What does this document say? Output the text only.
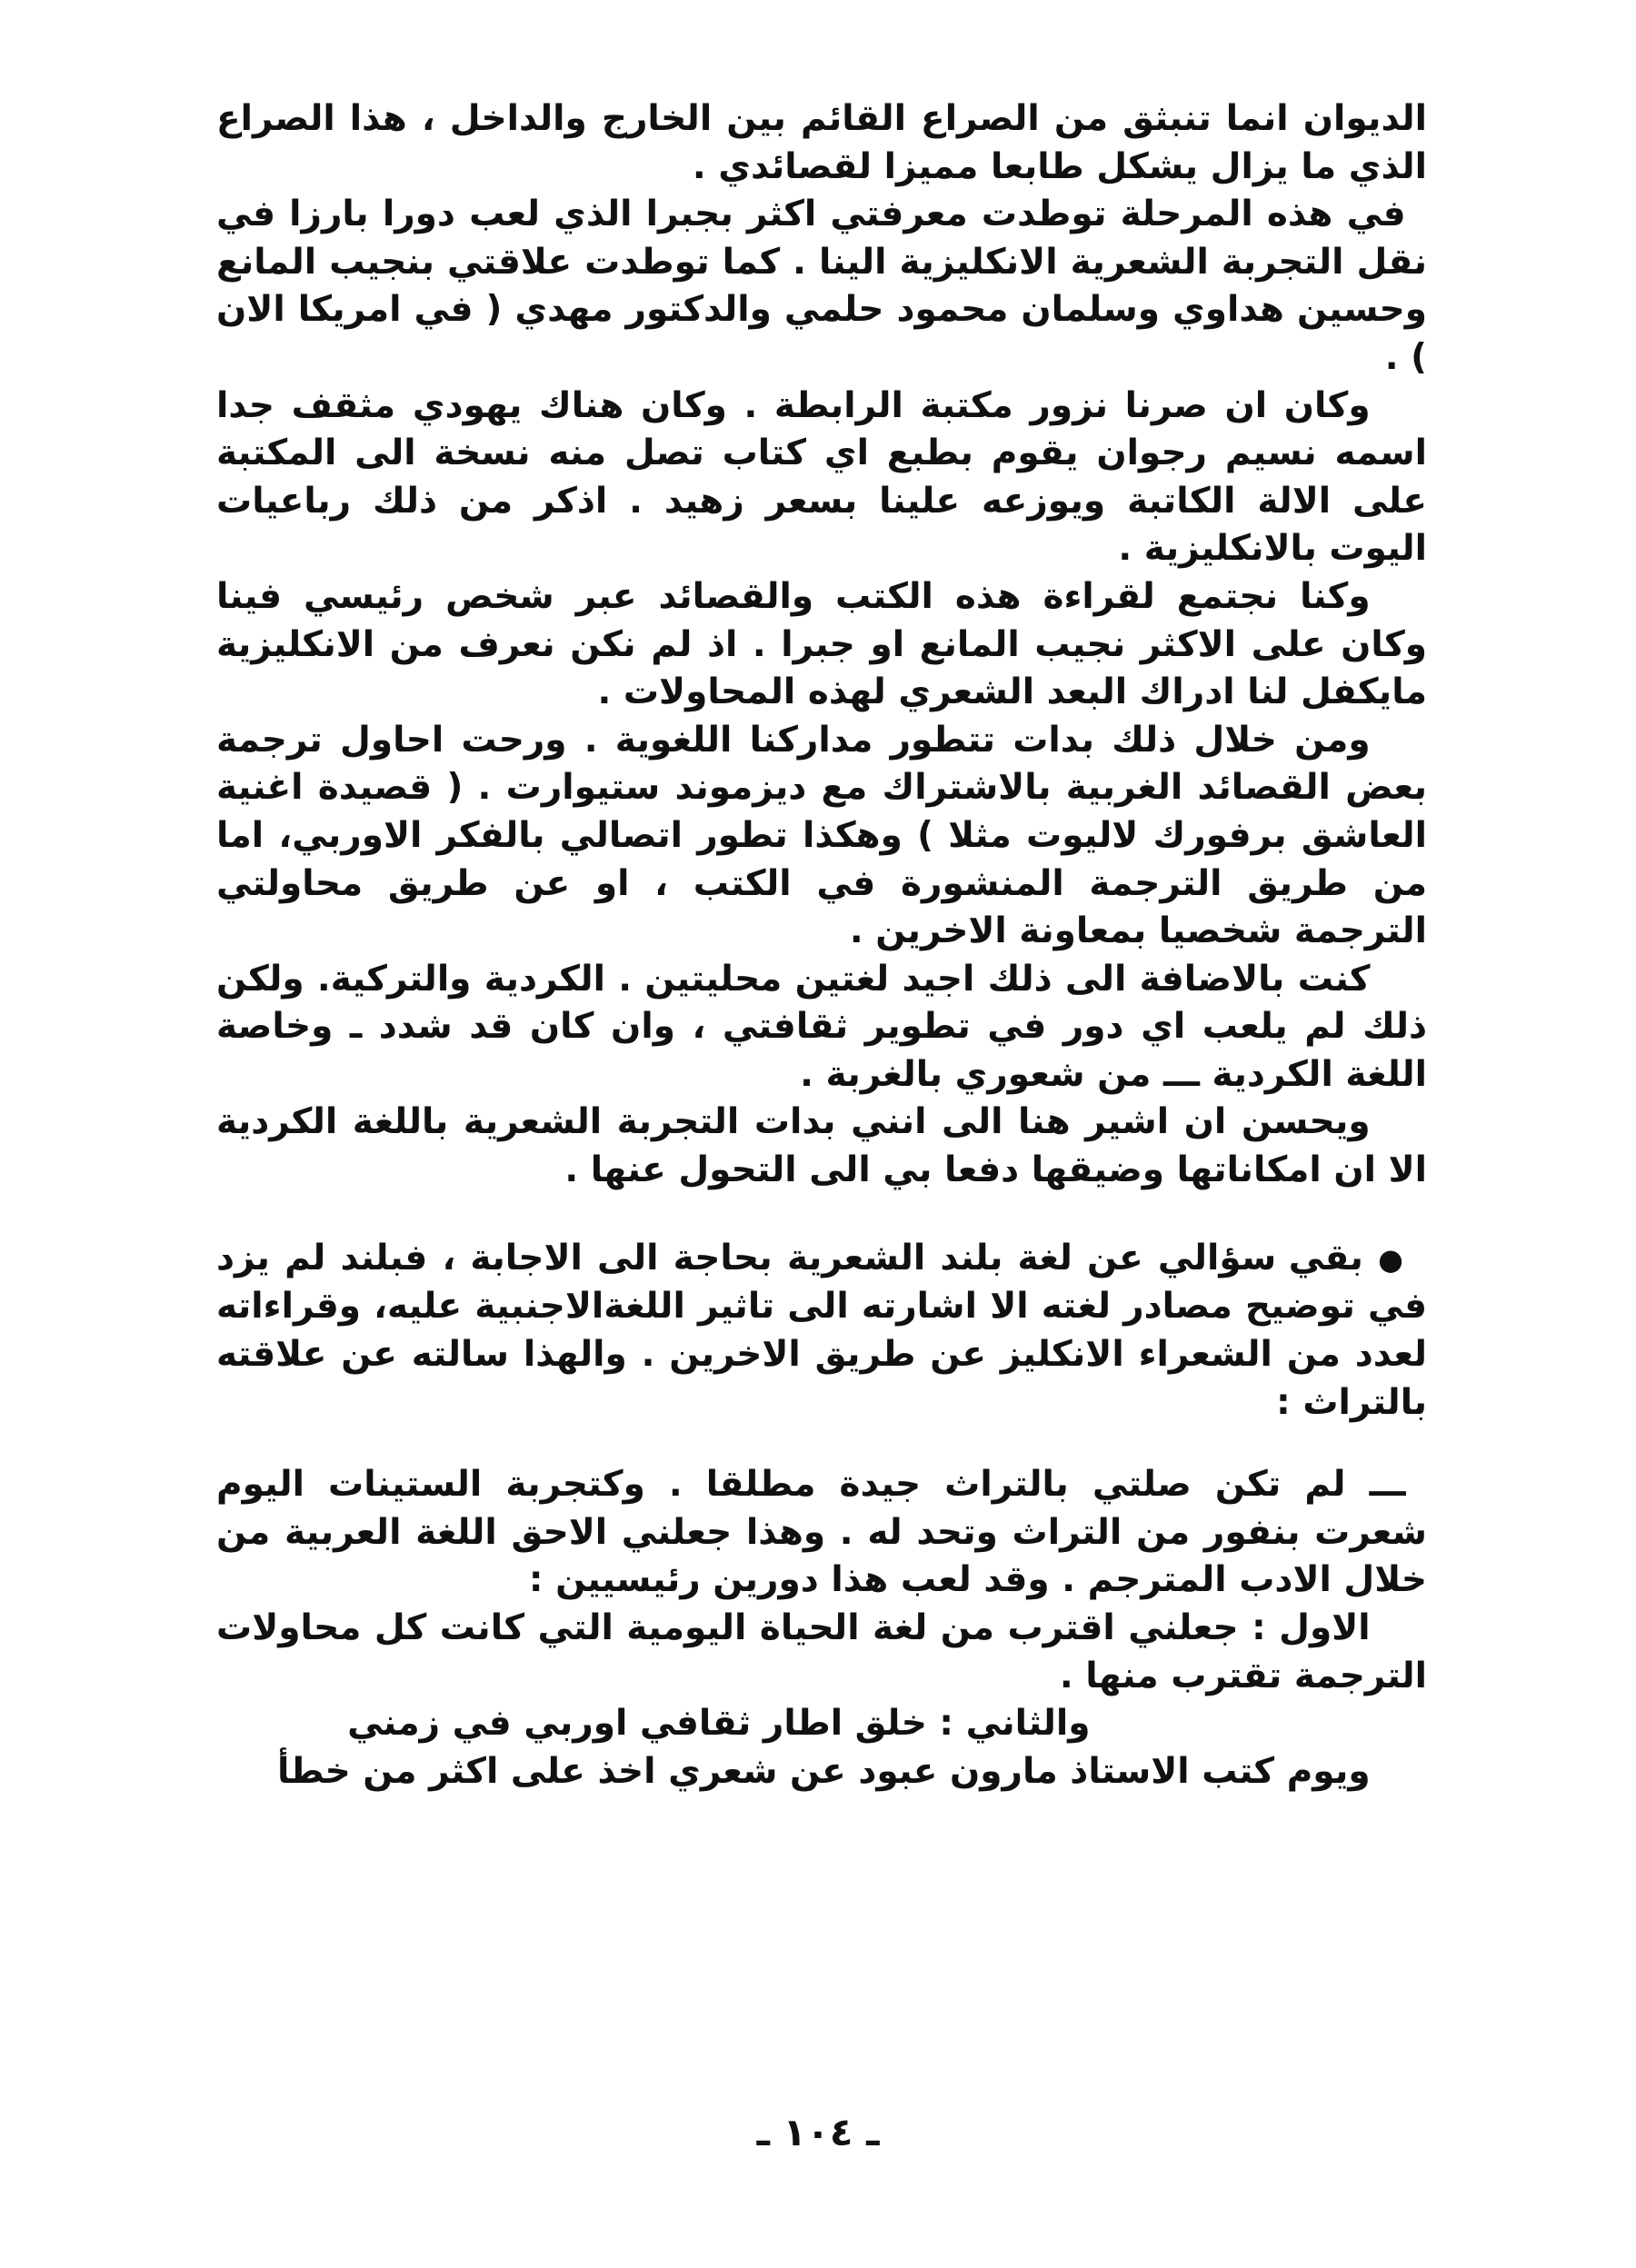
الديوان انما تنبثق من الصراع القائم بين الخارج والداخل ، هذا الصراع الذي ما يزال يشكل طابعا مميزا لقصائدي .

في هذه المرحلة توطدت معرفتي اكثر بجبرا الذي لعب دورا بارزا في نقل التجربة الشعرية الانكليزية الينا . كما توطدت علاقتي بنجيب المانع وحسين هداوي وسلمان محمود حلمي والدكتور مهدي ( في امريكا الان ) .

وكان ان صرنا نزور مكتبة الرابطة . وكان هناك يهودي مثقف جدا اسمه نسيم رجوان يقوم بطبع اي كتاب تصل منه نسخة الى المكتبة على الالة الكاتبة ويوزعه علينا بسعر زهيد . اذكر من ذلك رباعيات اليوت بالانكليزية .

وكنا نجتمع لقراءة هذه الكتب والقصائد عبر شخص رئيسي فينا وكان على الاكثر نجيب المانع او جبرا . اذ لم نكن نعرف من الانكليزية مايكفل لنا ادراك البعد الشعري لهذه المحاولات .

ومن خلال ذلك بدات تتطور مداركنا اللغوية . ورحت احاول ترجمة بعض القصائد الغربية بالاشتراك مع ديزموند ستيوارت . ( قصيدة اغنية العاشق برفورك لاليوت مثلا ) وهكذا تطور اتصالي بالفكر الاوربي، اما من طريق الترجمة المنشورة في الكتب ، او عن طريق محاولتي الترجمة شخصيا بمعاونة الاخرين .

كنت بالاضافة الى ذلك اجيد لغتين محليتين . الكردية والتركية. ولكن ذلك لم يلعب اي دور في تطوير ثقافتي ، وان كان قد شدد ـ وخاصة اللغة الكردية ـــ من شعوري بالغربة .

ويحسن ان اشير هنا الى انني بدات التجربة الشعرية باللغة الكردية الا ان امكاناتها وضيقها دفعا بي الى التحول عنها .

● بقي سؤالي عن لغة بلند الشعرية بحاجة الى الاجابة ، فبلند لم يزد في توضيح مصادر لغته الا اشارته الى تاثير اللغةالاجنبية عليه، وقراءاته لعدد من الشعراء الانكليز عن طريق الاخرين . والهذا سالته عن علاقته بالتراث :

ـــ لم تكن صلتي بالتراث جيدة مطلقا . وكتجربة الستينات اليوم شعرت بنفور من التراث وتحد له . وهذا جعلني الاحق اللغة العربية من خلال الادب المترجم . وقد لعب هذا دورين رئيسيين :

الاول : جعلني اقترب من لغة الحياة اليومية التي كانت كل محاولات الترجمة تقترب منها .

والثاني : خلق اطار ثقافي اوربي في زمني

ويوم كتب الاستاذ مارون عبود عن شعري اخذ على اكثر من خطأ

ـ ١٠٤ ـ
